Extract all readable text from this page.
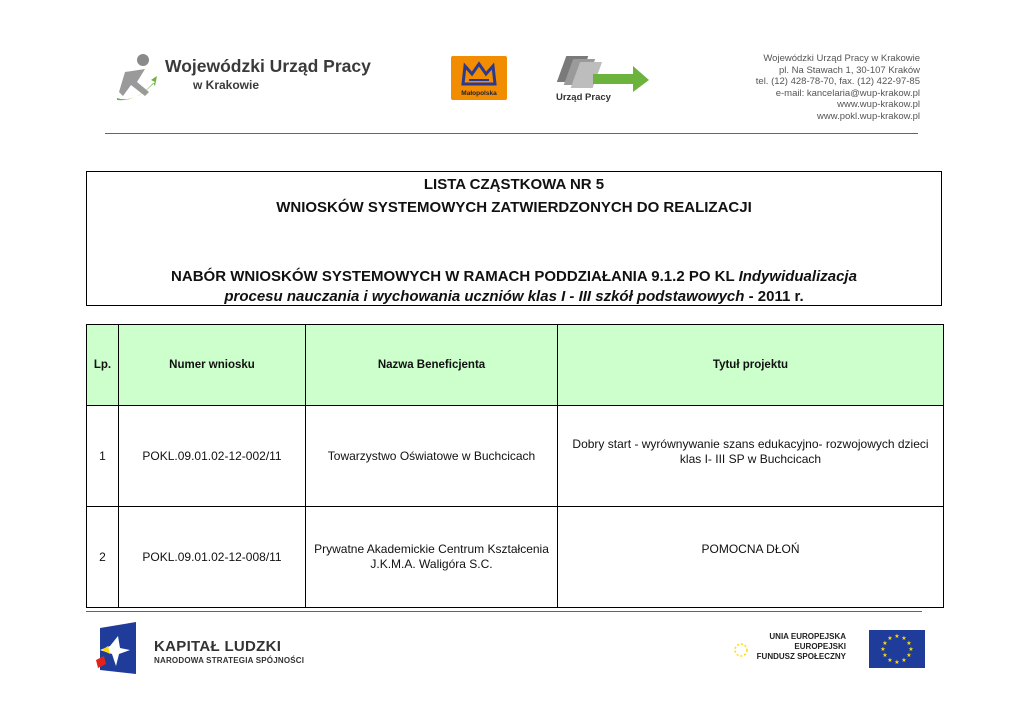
Wojewódzki Urząd Pracy
w Krakowie
Małopolska	Urząd Pracy
Wojewódzki Urząd Pracy w Krakowie
pl. Na Stawach 1, 30-107 Kraków
tel. (12) 428-78-70, fax. (12) 422-97-85
e-mail: kancelaria@wup-krakow.pl
www.wup-krakow.pl
www.pokl.wup-krakow.pl
LISTA CZĄSTKOWA NR 5
WNIOSKÓW SYSTEMOWYCH ZATWIERDZONYCH DO REALIZACJI
NABÓR WNIOSKÓW SYSTEMOWYCH W RAMACH PODDZIAŁANIA 9.1.2 PO KL Indywidualizacja
procesu nauczania i wychowania uczniów klas I - III szkół podstawowych - 2011 r.
Lp.	Numer wniosku	Nazwa Beneficjenta	Tytuł projektu

1	POKL.09.01.02-12-002/11	Towarzystwo Oświatowe w Buchcicach	Dobry start - wyrównywanie szans edukacyjno- rozwojowych dzieci klas I- III SP w Buchcicach

2	POKL.09.01.02-12-008/11	Prywatne Akademickie Centrum Kształcenia J.K.M.A. Waligóra S.C.	POMOCNA DŁOŃ
KAPITAŁ LUDZKI
NARODOWA STRATEGIA SPÓJNOŚCI
UNIA EUROPEJSKA
EUROPEJSKI
FUNDUSZ SPOŁECZNY
★ ★
★
★
★
★
★
★
★
★
★
★
